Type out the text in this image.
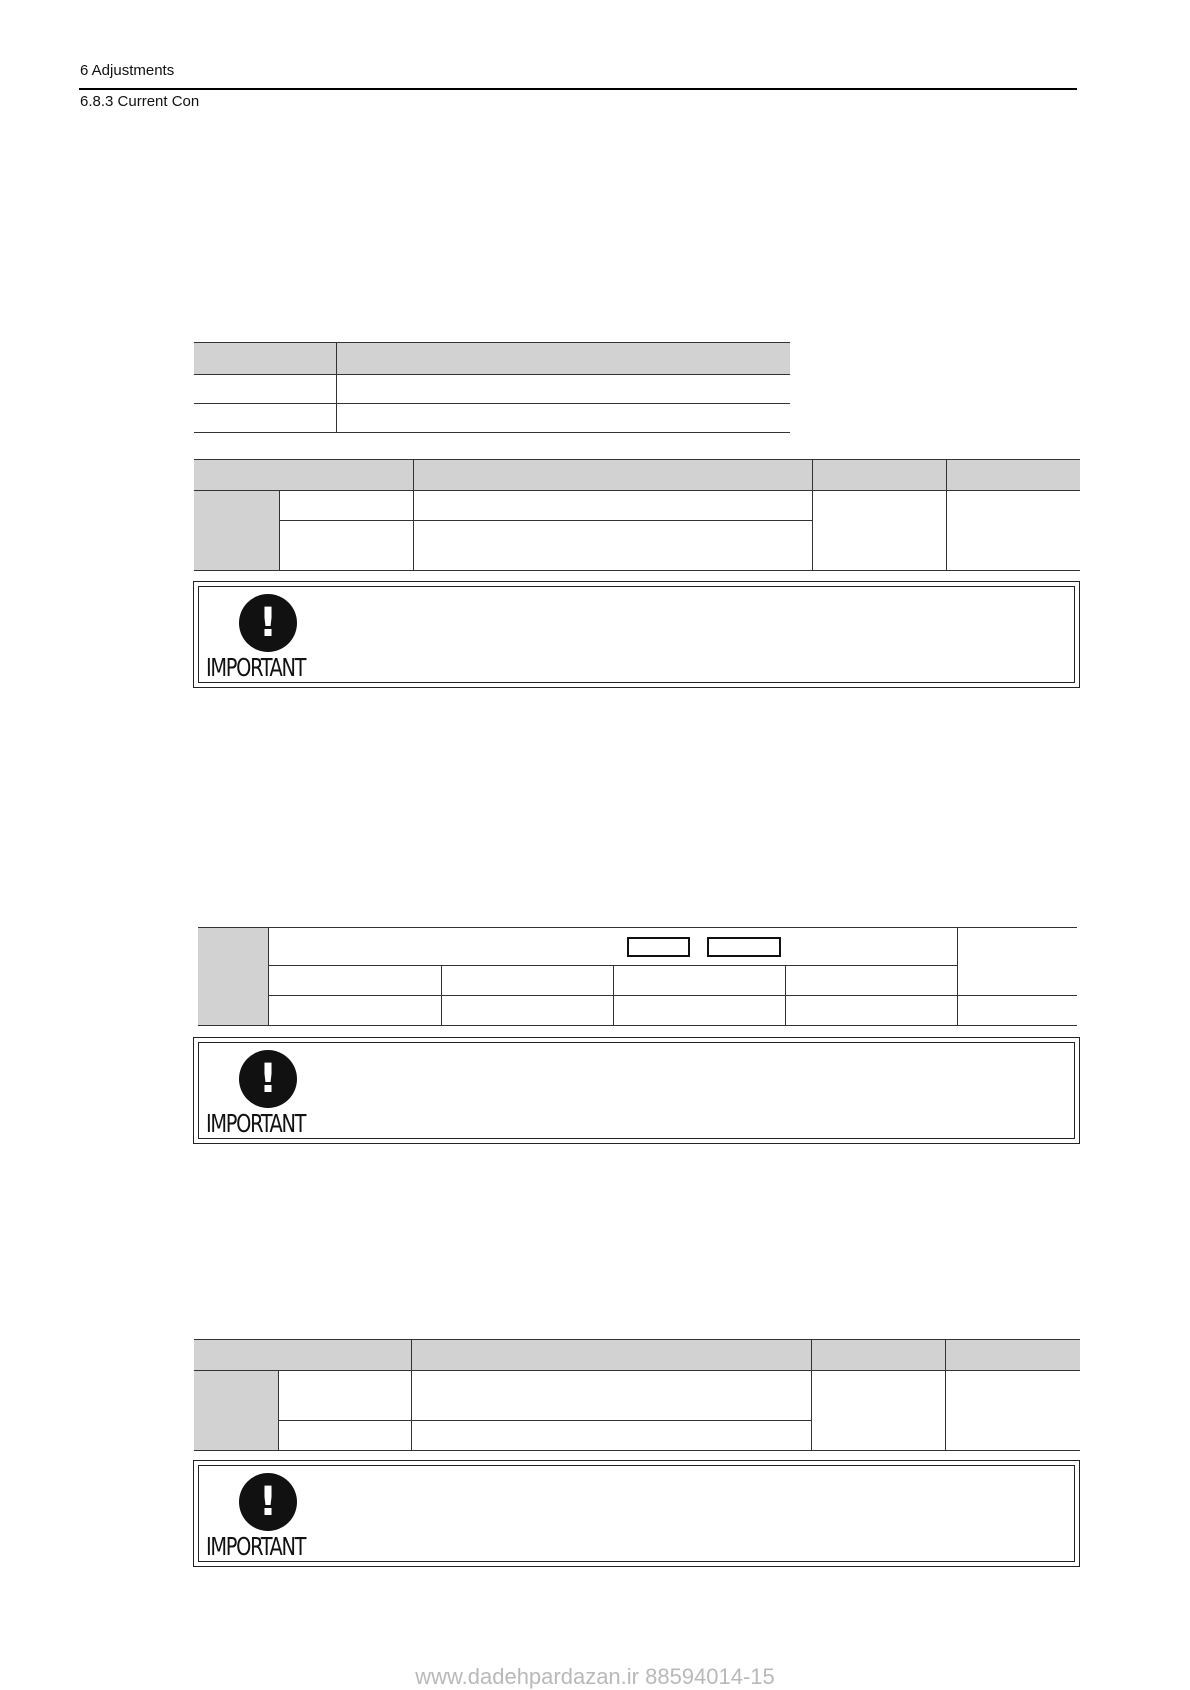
6 Adjustments
6.8.3 Current Con
!
IMPORTANT
!
IMPORTANT
!
IMPORTANT
www.dadehpardazan.ir 88594014-15
